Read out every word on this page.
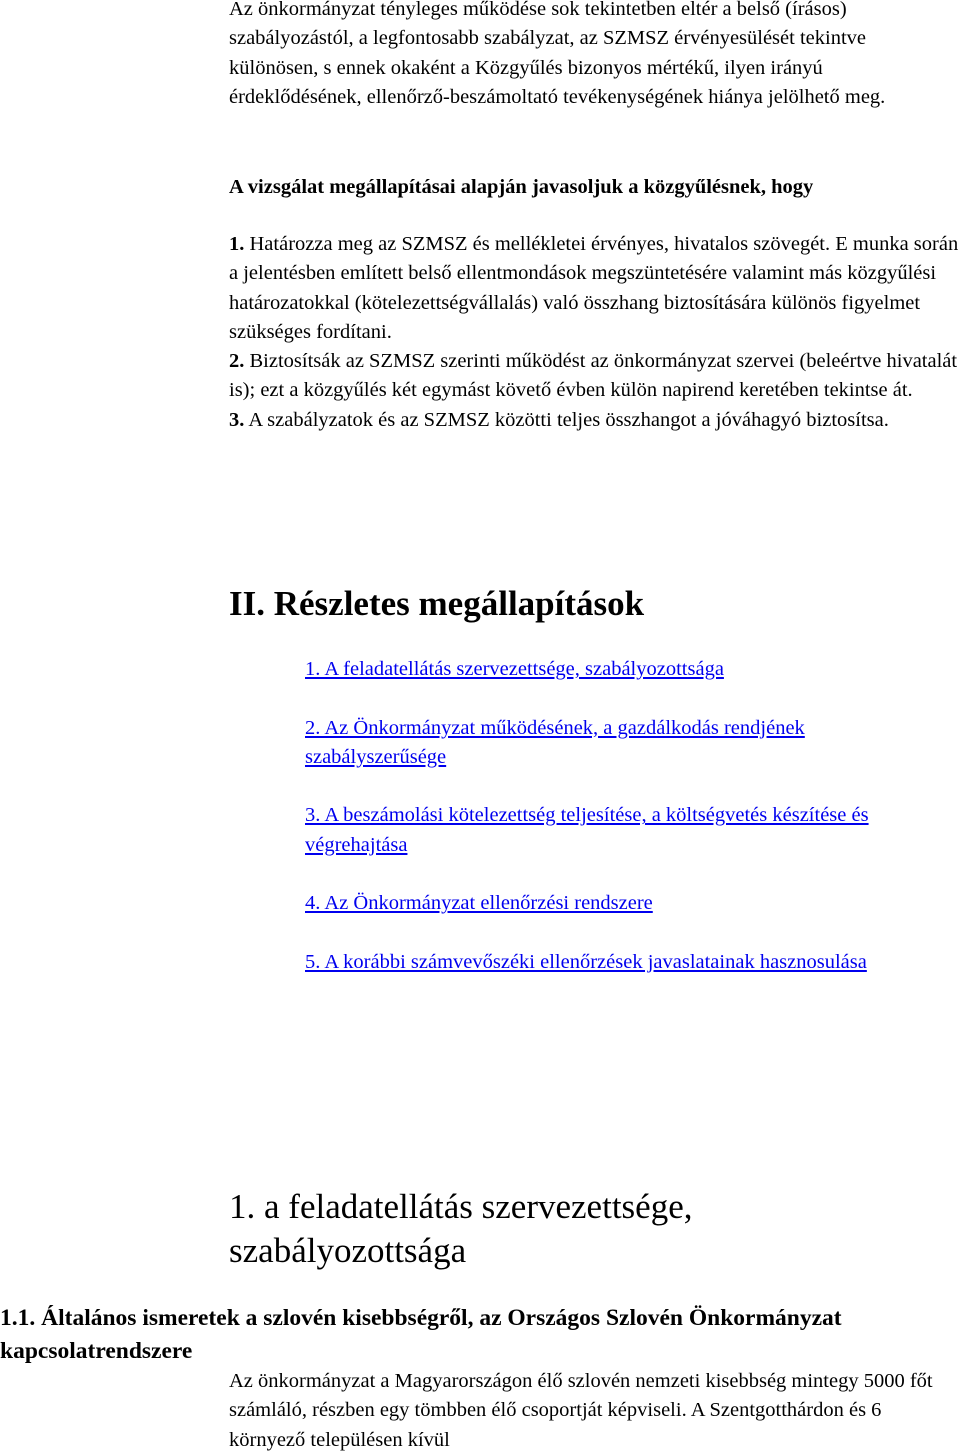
Az önkormányzat tényleges működése sok tekintetben eltér a belső (írásos) szabályozástól, a legfontosabb szabályzat, az SZMSZ érvényesülését tekintve különösen, s ennek okaként a Közgyűlés bizonyos mértékű, ilyen irányú érdeklődésének, ellenőrző-beszámoltató tevékenységének hiánya jelölhető meg.

A vizsgálat megállapításai alapján javasoljuk a közgyűlésnek, hogy

1. Határozza meg az SZMSZ és mellékletei érvényes, hivatalos szövegét. E munka során a jelentésben említett belső ellentmondások megszüntetésére valamint más közgyűlési határozatokkal (kötelezettségvállalás) való összhang biztosítására különös figyelmet szükséges fordítani.

2. Biztosítsák az SZMSZ szerinti működést az önkormányzat szervei (beleértve hivatalát is); ezt a közgyűlés két egymást követő évben külön napirend keretében tekintse át.

3. A szabályzatok és az SZMSZ közötti teljes összhangot a jóváhagyó biztosítsa.

II. Részletes megállapítások
1. A feladatellátás szervezettsége, szabályozottsága
2. Az Önkormányzat működésének, a gazdálkodás rendjének szabályszerűsége
3. A beszámolási kötelezettség teljesítése, a költségvetés készítése és végrehajtása
4. Az Önkormányzat ellenőrzési rendszere
5. A korábbi számvevőszéki ellenőrzések javaslatainak hasznosulása
1. a feladatellátás szervezettsége, szabályozottsága
1.1. Általános ismeretek a szlovén kisebbségről, az Országos Szlovén Önkormányzat kapcsolatrendszere

Az önkormányzat a Magyarországon élő szlovén nemzeti kisebbség mintegy 5000 főt számláló, részben egy tömbben élő csoportját képviseli. A Szentgotthárdon és 6 környező településen kívül
